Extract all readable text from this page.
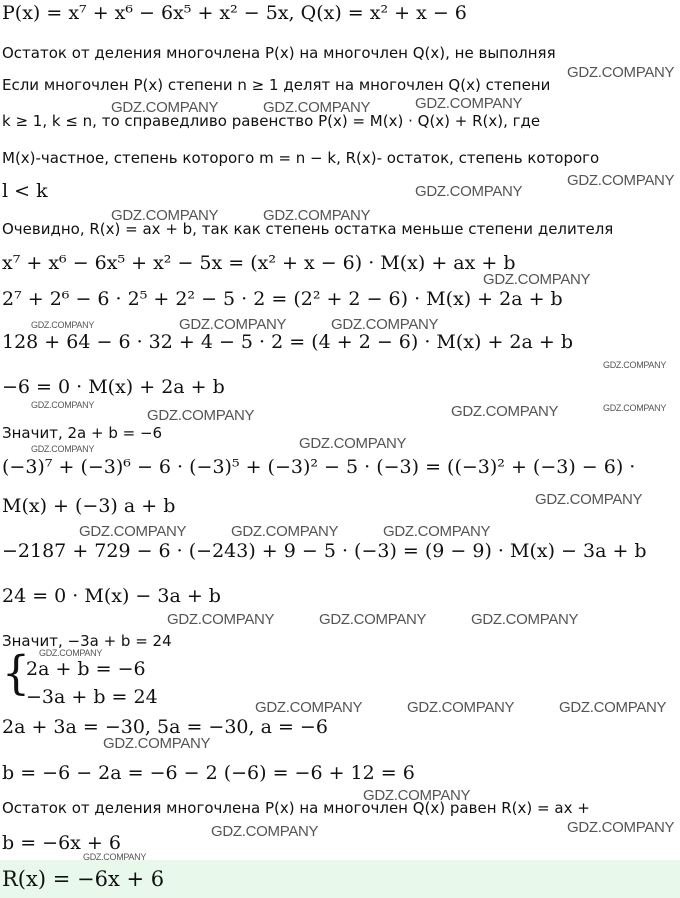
P(x) = x⁷ + x⁶ − 6x⁵ + x² − 5x, Q(x) = x² + x − 6
Остаток от деления многочлена P(x) на многочлен Q(x), не выполняя
Если многочлен P(x) степени n ≥ 1 делят на многочлен Q(x) степени
k ≥ 1, k ≤ n, то справедливо равенство P(x) = M(x) · Q(x) + R(x), где
M(x)-частное, степень которого m = n − k, R(x)- остаток, степень которого
l < k
Очевидно, R(x) = ax + b, так как степень остатка меньше степени делителя
x⁷ + x⁶ − 6x⁵ + x² − 5x = (x² + x − 6) · M(x) + ax + b
2⁷ + 2⁶ − 6 · 2⁵ + 2² − 5 · 2 = (2² + 2 − 6) · M(x) + 2a + b
128 + 64 − 6 · 32 + 4 − 5 · 2 = (4 + 2 − 6) · M(x) + 2a + b
−6 = 0 · M(x) + 2a + b
Значит, 2a + b = −6
(−3)⁷ + (−3)⁶ − 6 · (−3)⁵ + (−3)² − 5 · (−3) = ((−3)² + (−3) − 6) ·
M(x) + (−3) a + b
−2187 + 729 − 6 · (−243) + 9 − 5 · (−3) = (9 − 9) · M(x) − 3a + b
24 = 0 · M(x) − 3a + b
Значит, −3a + b = 24
{
2a + b = −6
−3a + b = 24
2a + 3a = −30, 5a = −30, a = −6
b = −6 − 2a = −6 − 2 (−6) = −6 + 12 = 6
Остаток от деления многочлена P(x) на многочлен Q(x) равен R(x) = ax +
b = −6x + 6
R(x) = −6x + 6
GDZ.COMPANY
GDZ.COMPANY	GDZ.COMPANY	GDZ.COMPANY
GDZ.COMPANY
GDZ.COMPANY
GDZ.COMPANY	GDZ.COMPANY
GDZ.COMPANY
GDZ.COMPANY	GDZ.COMPANY	GDZ.COMPANY
GDZ.COMPANY
GDZ.COMPANY
GDZ.COMPANY	GDZ.COMPANY	GDZ.COMPANY
GDZ.COMPANY
GDZ.COMPANY
GDZ.COMPANY
GDZ.COMPANY	GDZ.COMPANY	GDZ.COMPANY
GDZ.COMPANY	GDZ.COMPANY	GDZ.COMPANY
GDZ.COMPANY
GDZ.COMPANY	GDZ.COMPANY	GDZ.COMPANY
GDZ.COMPANY
GDZ.COMPANY
GDZ.COMPANY
GDZ.COMPANY
GDZ.COMPANY
